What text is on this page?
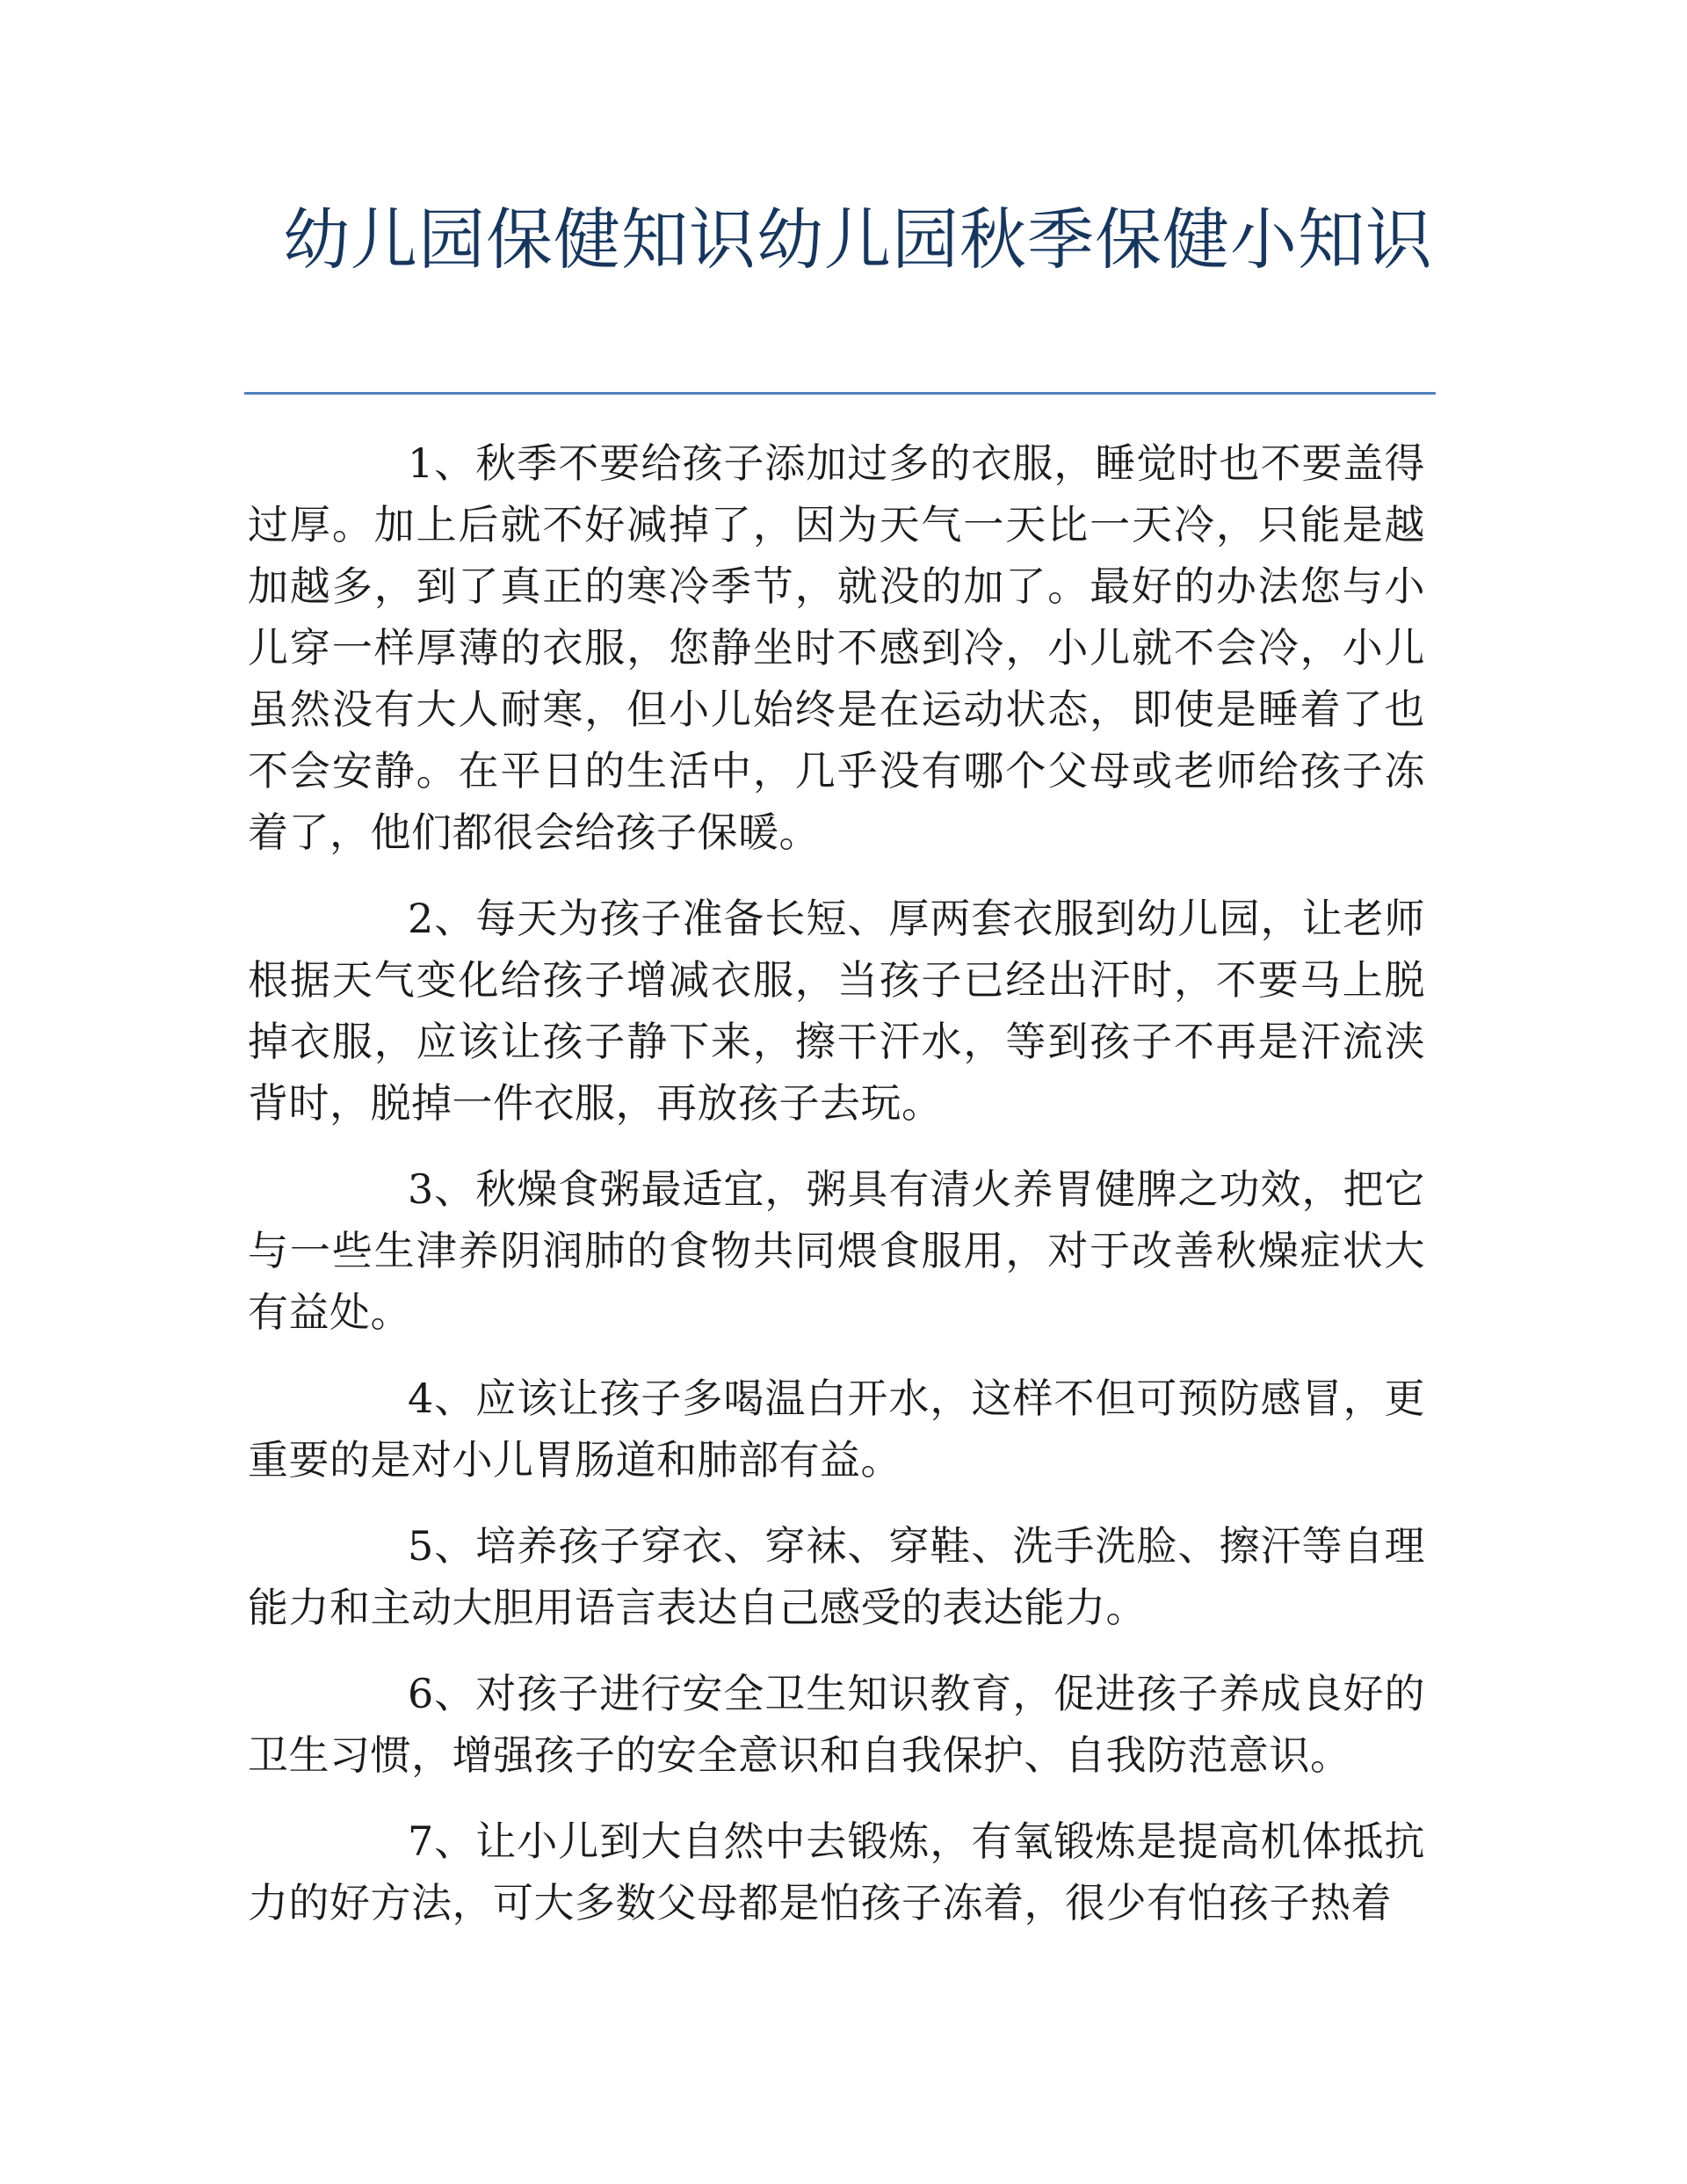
幼儿园保健知识幼儿园秋季保健小知识

1、秋季不要给孩子添加过多的衣服，睡觉时也不要盖得过厚。加上后就不好减掉了，因为天气一天比一天冷，只能是越加越多，到了真正的寒冷季节，就没的加了。最好的办法您与小儿穿一样厚薄的衣服，您静坐时不感到冷，小儿就不会冷，小儿虽然没有大人耐寒，但小儿始终是在运动状态，即使是睡着了也不会安静。在平日的生活中，几乎没有哪个父母或老师给孩子冻着了，他们都很会给孩子保暖。

2、每天为孩子准备长短、厚两套衣服到幼儿园，让老师根据天气变化给孩子增减衣服，当孩子已经出汗时，不要马上脱掉衣服，应该让孩子静下来，擦干汗水，等到孩子不再是汗流浃背时，脱掉一件衣服，再放孩子去玩。

3、秋燥食粥最适宜，粥具有清火养胃健脾之功效，把它与一些生津养阴润肺的食物共同煨食服用，对于改善秋燥症状大有益处。

4、应该让孩子多喝温白开水，这样不但可预防感冒，更重要的是对小儿胃肠道和肺部有益。

5、培养孩子穿衣、穿袜、穿鞋、洗手洗脸、擦汗等自理能力和主动大胆用语言表达自己感受的表达能力。

6、对孩子进行安全卫生知识教育，促进孩子养成良好的卫生习惯，增强孩子的安全意识和自我保护、自我防范意识。

7、让小儿到大自然中去锻炼，有氧锻炼是提高机体抵抗力的好方法，可大多数父母都是怕孩子冻着，很少有怕孩子热着
